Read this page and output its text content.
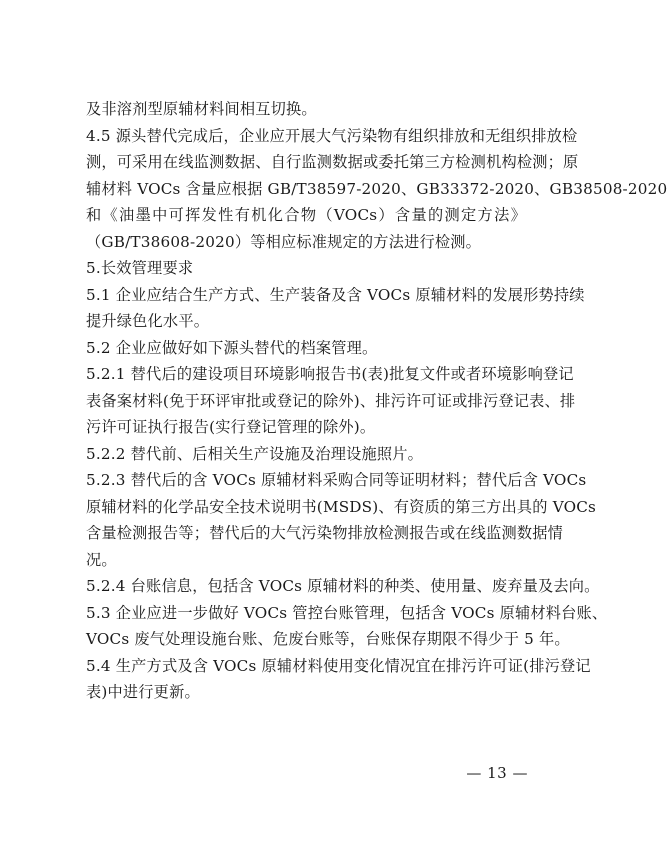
及非溶剂型原辅材料间相互切换。

4.5 源头替代完成后，企业应开展大气污染物有组织排放和无组织排放检
测，可采用在线监测数据、自行监测数据或委托第三方检测机构检测；原
辅材料 VOCs 含量应根据 GB/T38597-2020、GB33372-2020、GB38508-2020
和《油墨中可挥发性有机化合物（VOCs）含量的测定方法》
（GB/T38608-2020）等相应标准规定的方法进行检测。

5.长效管理要求

5.1 企业应结合生产方式、生产装备及含 VOCs 原辅材料的发展形势持续
提升绿色化水平。

5.2 企业应做好如下源头替代的档案管理。

5.2.1 替代后的建设项目环境影响报告书(表)批复文件或者环境影响登记
表备案材料(免于环评审批或登记的除外)、排污许可证或排污登记表、排
污许可证执行报告(实行登记管理的除外)。

5.2.2 替代前、后相关生产设施及治理设施照片。

5.2.3 替代后的含 VOCs 原辅材料采购合同等证明材料；替代后含 VOCs
原辅材料的化学品安全技术说明书(MSDS)、有资质的第三方出具的 VOCs
含量检测报告等；替代后的大气污染物排放检测报告或在线监测数据情
况。

5.2.4 台账信息，包括含 VOCs 原辅材料的种类、使用量、废弃量及去向。

5.3 企业应进一步做好 VOCs 管控台账管理，包括含 VOCs 原辅材料台账、
VOCs 废气处理设施台账、危废台账等，台账保存期限不得少于 5 年。

5.4 生产方式及含 VOCs 原辅材料使用变化情况宜在排污许可证(排污登记
表)中进行更新。

— 13 —
